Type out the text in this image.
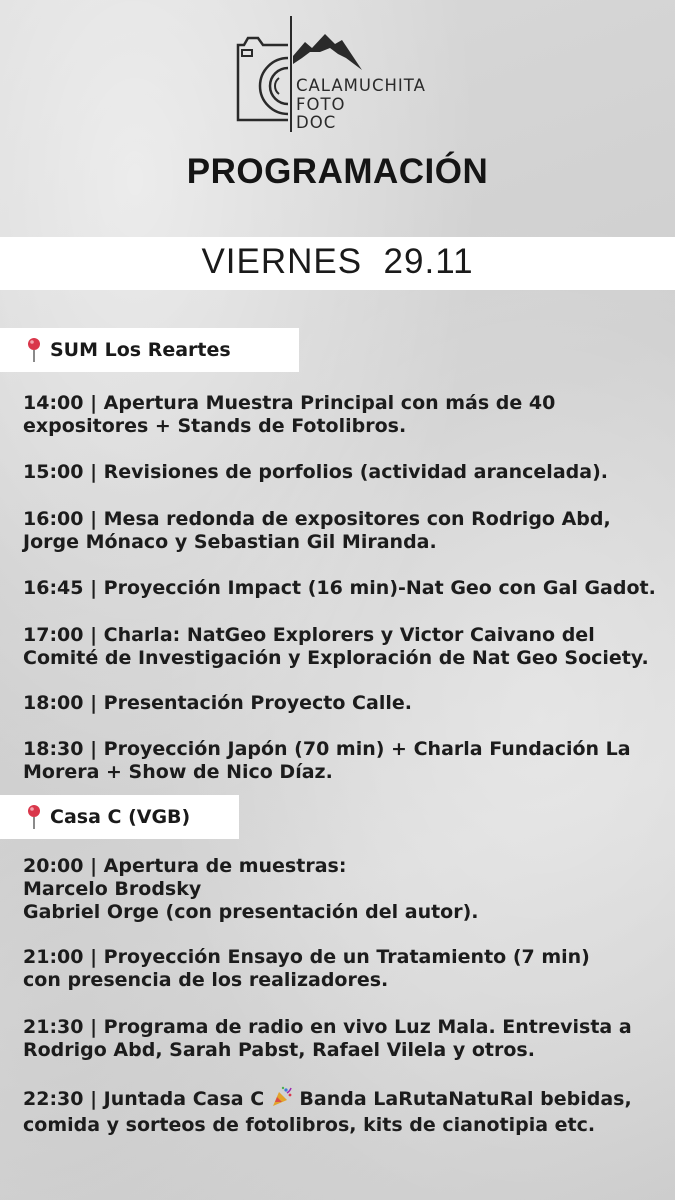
CALAMUCHITA
FOTO
DOC
PROGRAMACIÓN
VIERNES  29.11
SUM Los Reartes

14:00 | Apertura Muestra Principal con más de 40
expositores + Stands de Fotolibros.

15:00 | Revisiones de porfolios (actividad arancelada).

16:00 | Mesa redonda de expositores con Rodrigo Abd,
Jorge Mónaco y Sebastian Gil Miranda.

16:45 | Proyección Impact (16 min)-Nat Geo con Gal Gadot.

17:00 | Charla: NatGeo Explorers y Victor Caivano del
Comité de Investigación y Exploración de Nat Geo Society.

18:00 | Presentación Proyecto Calle.

18:30 | Proyección Japón (70 min) + Charla Fundación La
Morera + Show de Nico Díaz.

Casa C (VGB)

20:00 | Apertura de muestras:
Marcelo Brodsky
Gabriel Orge (con presentación del autor).

21:00 | Proyección Ensayo de un Tratamiento (7 min)
con presencia de los realizadores.

21:30 | Programa de radio en vivo Luz Mala. Entrevista a
Rodrigo Abd, Sarah Pabst, Rafael Vilela y otros.

22:30 | Juntada Casa C  Banda LaRutaNatuRal bebidas,
comida y sorteos de fotolibros, kits de cianotipia etc.
